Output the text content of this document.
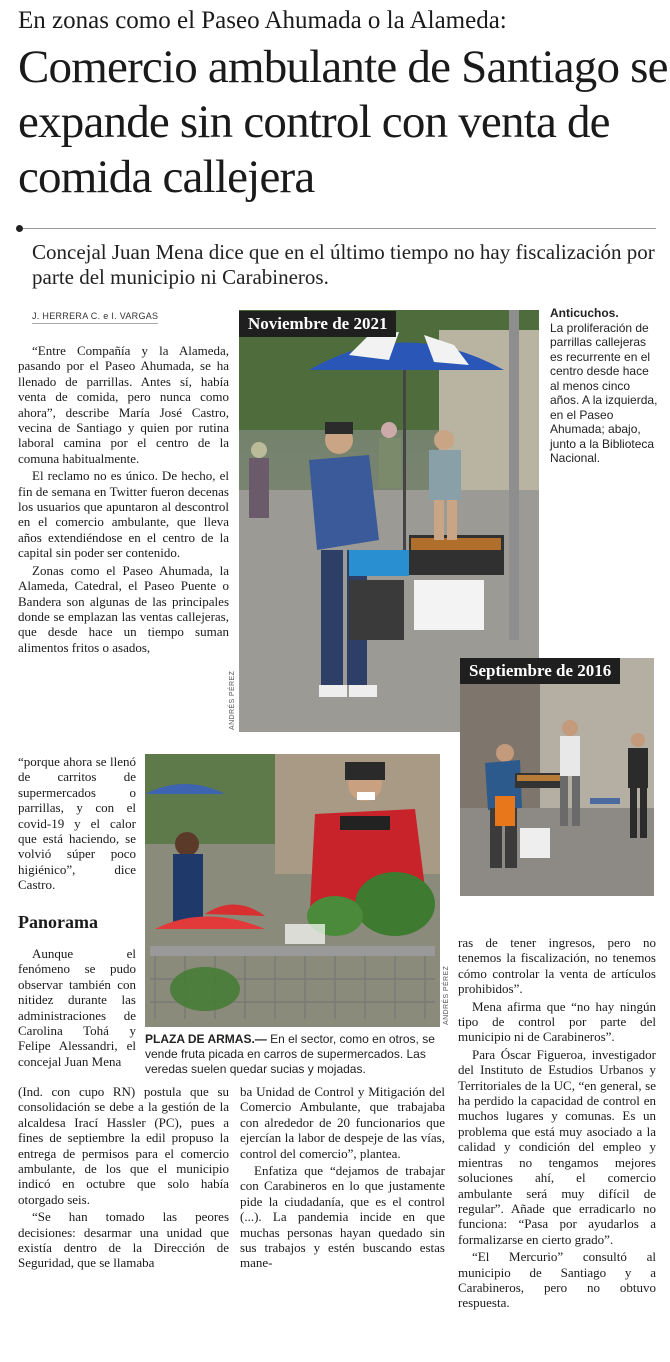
En zonas como el Paseo Ahumada o la Alameda:
Comercio ambulante de Santiago se expande sin control con venta de comida callejera
Concejal Juan Mena dice que en el último tiempo no hay fiscalización por parte del municipio ni Carabineros.
J. HERRERA C. e I. VARGAS	Noviembre de 2021
ANDRÉS PÉREZ
Anticuchos.
La proliferación de parrillas callejeras es recurrente en el centro desde hace al menos cinco años. A la izquierda, en el Paseo Ahumada; abajo, junto a la Biblioteca Nacional.
Septiembre de 2016
ANDRÉS PÉREZ
PLAZA DE ARMAS.— En el sector, como en otros, se vende fruta picada en carros de supermercados. Las veredas suelen quedar sucias y mojadas.

“Entre Compañía y la Alameda, pasando por el Paseo Ahumada, se ha llenado de parrillas. Antes sí, había venta de comida, pero nunca como ahora”, describe María José Castro, vecina de Santiago y quien por rutina laboral camina por el centro de la comuna habitualmente.

El reclamo no es único. De hecho, el fin de semana en Twitter fueron decenas los usuarios que apuntaron al descontrol en el comercio ambulante, que lleva años extendiéndose en el centro de la capital sin poder ser contenido.

Zonas como el Paseo Ahumada, la Alameda, Catedral, el Paseo Puente o Bandera son algunas de las principales donde se emplazan las ventas callejeras, que desde hace un tiempo suman alimentos fritos o asados,

“porque ahora se llenó de carritos de supermercados o parrillas, y con el covid-19 y el calor que está haciendo, se volvió súper poco higiénico”, dice Castro.

Panorama

Aunque el fenómeno se pudo observar también con nitidez durante las administraciones de Carolina Tohá y Felipe Alessandri, el concejal Juan Mena

(Ind. con cupo RN) postula que su consolidación se debe a la gestión de la alcaldesa Irací Hassler (PC), pues a fines de septiembre la edil propuso la entrega de permisos para el comercio ambulante, de los que el municipio indicó en octubre que solo había otorgado seis.

“Se han tomado las peores decisiones: desarmar una unidad que existía dentro de la Dirección de Seguridad, que se llamaba

ba Unidad de Control y Mitigación del Comercio Ambulante, que trabajaba con alrededor de 20 funcionarios que ejercían la labor de despeje de las vías, control del comercio”, plantea.

Enfatiza que “dejamos de trabajar con Carabineros en lo que justamente pide la ciudadanía, que es el control (...). La pandemia incide en que muchas personas hayan quedado sin sus trabajos y estén buscando estas mane-

ras de tener ingresos, pero no tenemos la fiscalización, no tenemos cómo controlar la venta de artículos prohibidos”.

Mena afirma que “no hay ningún tipo de control por parte del municipio ni de Carabineros”.

Para Óscar Figueroa, investigador del Instituto de Estudios Urbanos y Territoriales de la UC, “en general, se ha perdido la capacidad de control en muchos lugares y comunas. Es un problema que está muy asociado a la calidad y condición del empleo y mientras no tengamos mejores soluciones ahí, el comercio ambulante será muy difícil de regular”. Añade que erradicarlo no funciona: “Pasa por ayudarlos a formalizarse en cierto grado”.

“El Mercurio” consultó al municipio de Santiago y a Carabineros, pero no obtuvo respuesta.
